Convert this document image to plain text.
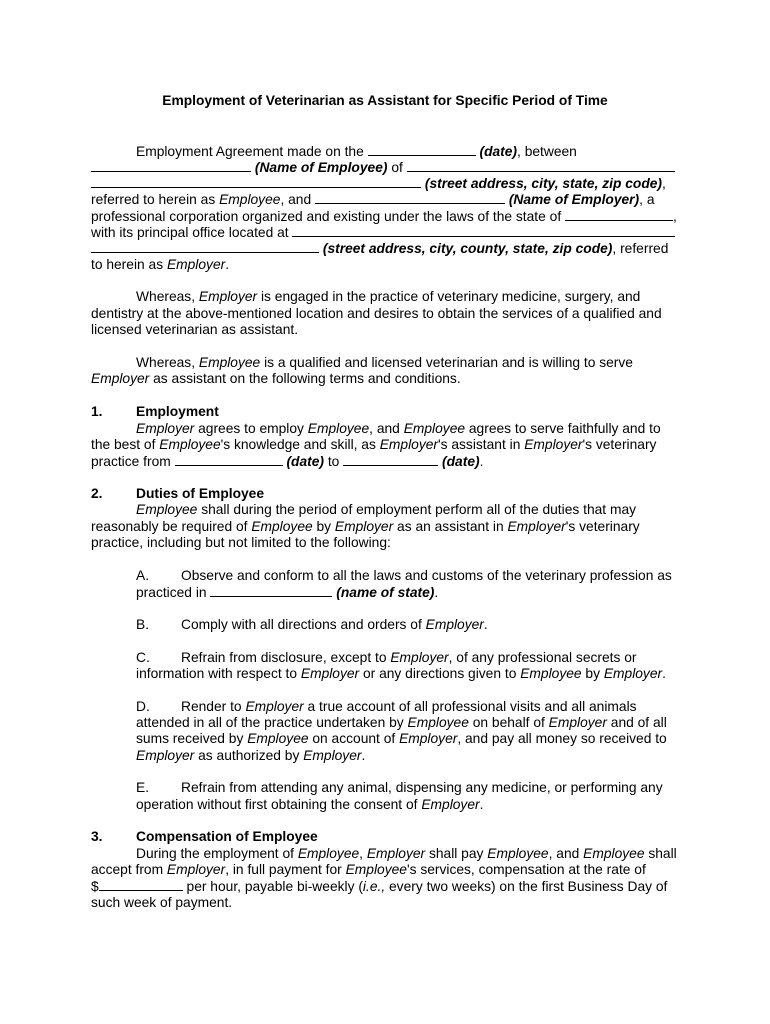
Employment of Veterinarian as Assistant for Specific Period of Time
Employment Agreement made on the	(date), between
(Name of Employee) of
(street address, city, state, zip code),
referred to herein as Employee, and	(Name of Employer), a
professional corporation organized and existing under the laws of the state of	,
with its principal office located at
(street address, city, county, state, zip code), referred
to herein as Employer.
Whereas, Employer is engaged in the practice of veterinary medicine, surgery, and
dentistry at the above-mentioned location and desires to obtain the services of a qualified and
licensed veterinarian as assistant.
Whereas, Employee is a qualified and licensed veterinarian and is willing to serve
Employer as assistant on the following terms and conditions.
1. Employment
Employer agrees to employ Employee, and Employee agrees to serve faithfully and to
the best of Employee's knowledge and skill, as Employer's assistant in Employer's veterinary
practice from	(date) to	(date).
2. Duties of Employee
Employee shall during the period of employment perform all of the duties that may
reasonably be required of Employee by Employer as an assistant in Employer's veterinary
practice, including but not limited to the following:
A. Observe and conform to all the laws and customs of the veterinary profession as
practiced in	(name of state).
B. Comply with all directions and orders of Employer.
C. Refrain from disclosure, except to Employer, of any professional secrets or
information with respect to Employer or any directions given to Employee by Employer.
D. Render to Employer a true account of all professional visits and all animals
attended in all of the practice undertaken by Employee on behalf of Employer and of all
sums received by Employee on account of Employer, and pay all money so received to
Employer as authorized by Employer.
E. Refrain from attending any animal, dispensing any medicine, or performing any
operation without first obtaining the consent of Employer.
3. Compensation of Employee
During the employment of Employee, Employer shall pay Employee, and Employee shall
accept from Employer, in full payment for Employee's services, compensation at the rate of
$	per hour, payable bi-weekly (i.e., every two weeks) on the first Business Day of
such week of payment.
